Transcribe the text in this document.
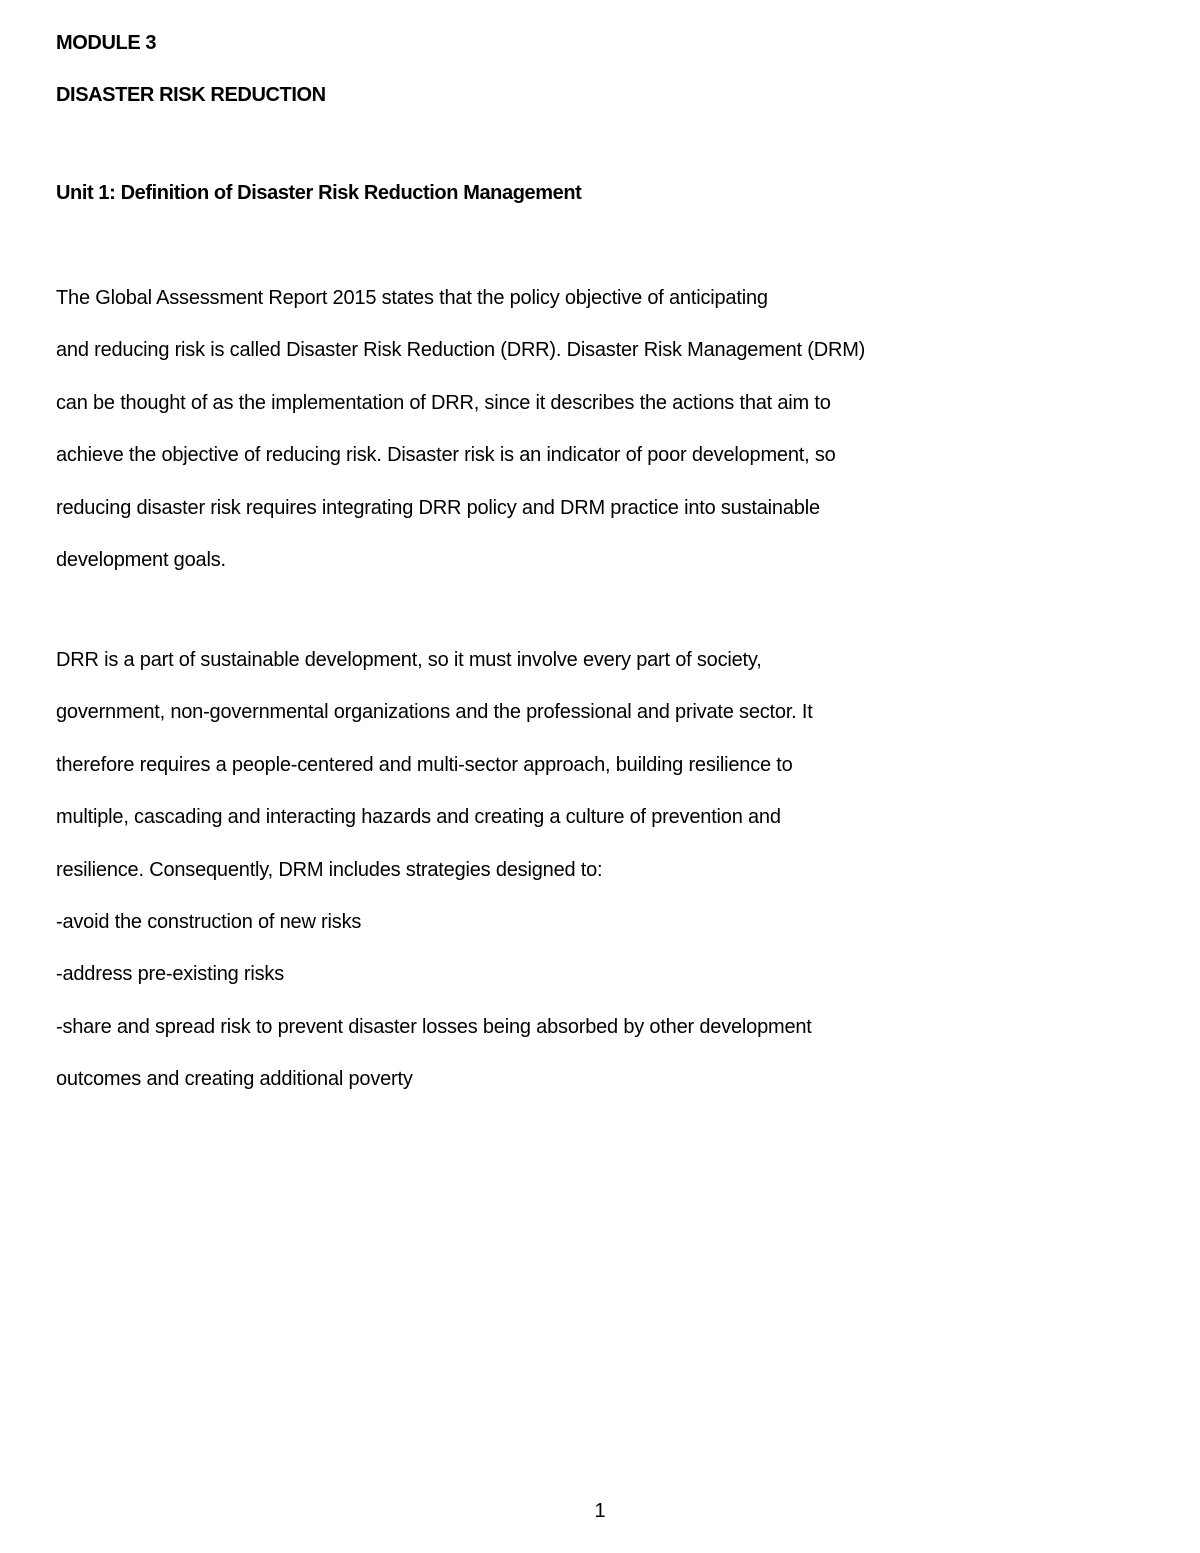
MODULE 3

DISASTER RISK REDUCTION

Unit 1: Definition of Disaster Risk Reduction Management

The Global Assessment Report 2015 states that the policy objective of anticipating
and reducing risk is called Disaster Risk Reduction (DRR). Disaster Risk Management (DRM)
can be thought of as the implementation of DRR, since it describes the actions that aim to
achieve the objective of reducing risk. Disaster risk is an indicator of poor development, so
reducing disaster risk requires integrating DRR policy and DRM practice into sustainable
development goals.
DRR is a part of sustainable development, so it must involve every part of society,
government, non-governmental organizations and the professional and private sector. It
therefore requires a people-centered and multi-sector approach, building resilience to
multiple, cascading and interacting hazards and creating a culture of prevention and
resilience. Consequently, DRM includes strategies designed to:
-avoid the construction of new risks
-address pre-existing risks
-share and spread risk to prevent disaster losses being absorbed by other development
outcomes and creating additional poverty
1
